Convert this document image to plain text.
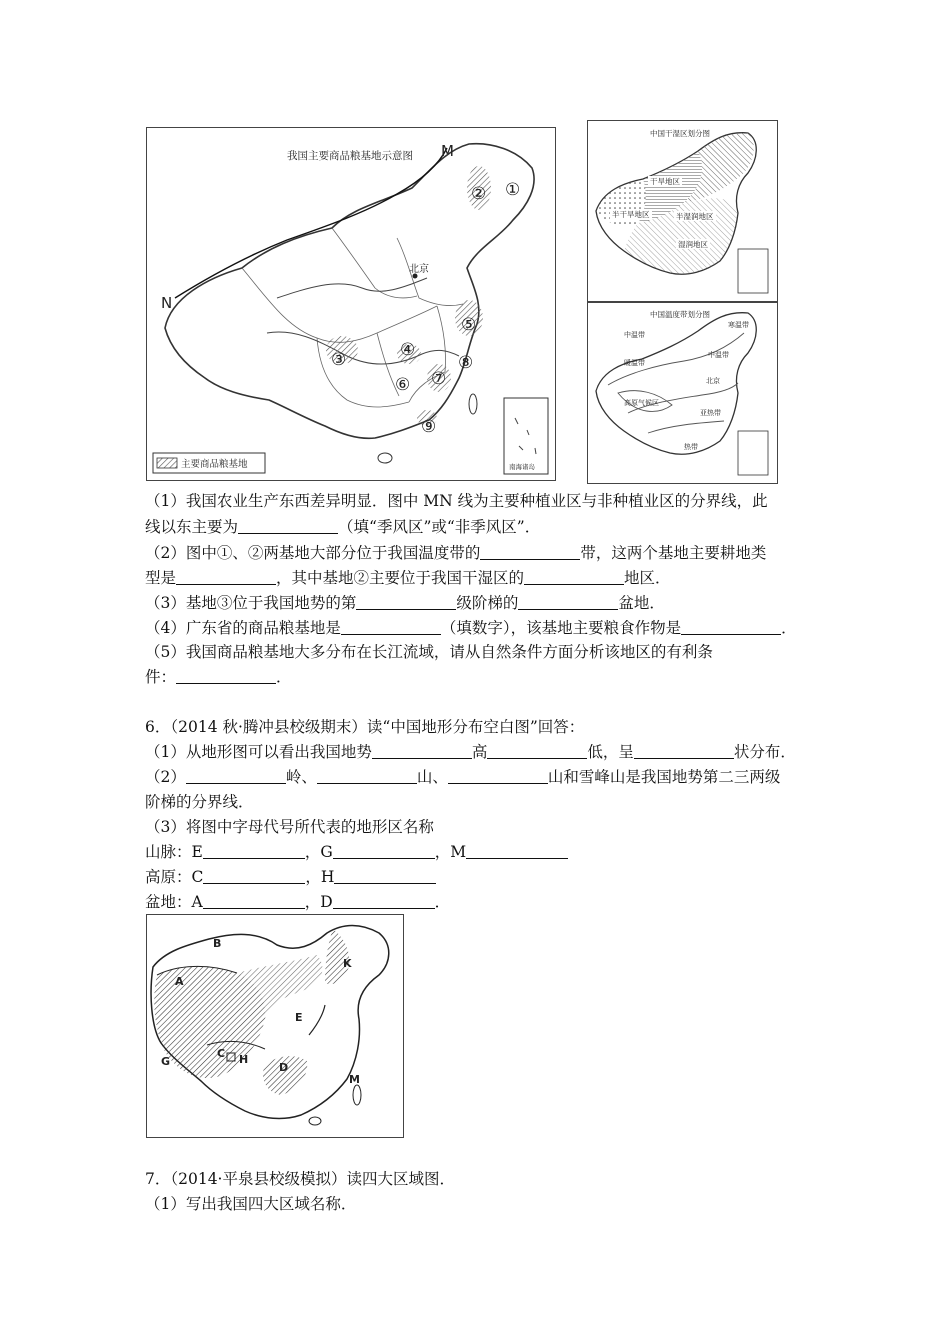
我国主要商品粮基地示意图 M
N
北京
①
②
③	④
⑤
⑥ ⑦
⑧
⑨
南海诸岛
主要商品粮基地
中国干湿区划分图
干旱地区
半干旱地区	半湿润地区
湿润地区
中国温度带划分图
中温带
寒温带
暖温带
中温带
北京
高原气候区
亚热带
热带
（1）我国农业生产东西差异明显．图中 MN 线为主要种植业区与非种植业区的分界线，此
线以东主要为	（填“季风区”或“非季风区”．
（2）图中①、②两基地大部分位于我国温度带的	带，这两个基地主要耕地类
型是	，其中基地②主要位于我国干湿区的	地区．
（3）基地③位于我国地势的第	级阶梯的	盆地．
（4）广东省的商品粮基地是	（填数字），该基地主要粮食作物是	．
（5）我国商品粮基地大多分布在长江流域，请从自然条件方面分析该地区的有利条
件：	．
6．（2014 秋·腾冲县校级期末）读“中国地形分布空白图”回答：
（1）从地形图可以看出我国地势	高	低，呈	状分布．
（2）	岭、	山、	山和雪峰山是我国地势第二三两级
阶梯的分界线．
（3）将图中字母代号所代表的地形区名称
山脉：E	，G	，M
高原：C	，H
盆地：A	，D	．
A
B
C
D
E
G	H
K
M
7．（2014·平泉县校级模拟）读四大区域图．
（1）写出我国四大区域名称．
